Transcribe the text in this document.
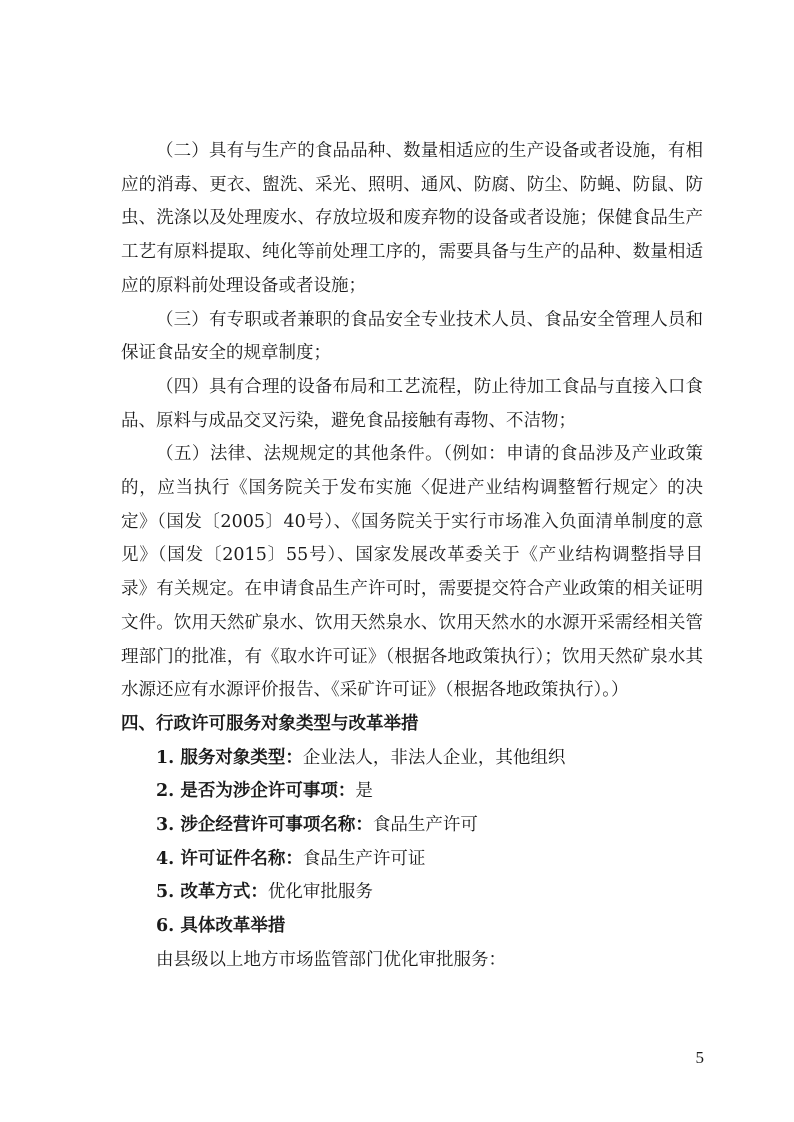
（二）具有与生产的食品品种、数量相适应的生产设备或者设施，有相应的消毒、更衣、盥洗、采光、照明、通风、防腐、防尘、防蝇、防鼠、防虫、洗涤以及处理废水、存放垃圾和废弃物的设备或者设施；保健食品生产工艺有原料提取、纯化等前处理工序的，需要具备与生产的品种、数量相适应的原料前处理设备或者设施；

（三）有专职或者兼职的食品安全专业技术人员、食品安全管理人员和保证食品安全的规章制度；

（四）具有合理的设备布局和工艺流程，防止待加工食品与直接入口食品、原料与成品交叉污染，避免食品接触有毒物、不洁物；

（五）法律、法规规定的其他条件。（例如：申请的食品涉及产业政策的，应当执行《国务院关于发布实施〈促进产业结构调整暂行规定〉的决定》（国发〔2005〕40号）、《国务院关于实行市场准入负面清单制度的意见》（国发〔2015〕55号）、国家发展改革委关于《产业结构调整指导目录》有关规定。在申请食品生产许可时，需要提交符合产业政策的相关证明文件。饮用天然矿泉水、饮用天然泉水、饮用天然水的水源开采需经相关管理部门的批准，有《取水许可证》（根据各地政策执行）；饮用天然矿泉水其水源还应有水源评价报告、《采矿许可证》（根据各地政策执行）。）

四、行政许可服务对象类型与改革举措

1. 服务对象类型：企业法人，非法人企业，其他组织

2. 是否为涉企许可事项：是

3. 涉企经营许可事项名称：食品生产许可

4. 许可证件名称：食品生产许可证

5. 改革方式：优化审批服务

6. 具体改革举措

由县级以上地方市场监管部门优化审批服务：

5
